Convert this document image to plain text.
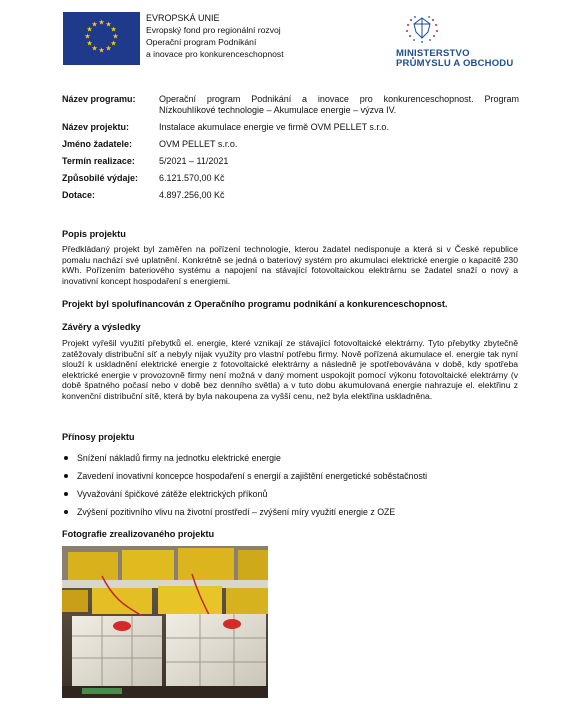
★ ★
★
★
★
★
★
★
★
★
★
★
EVROPSKÁ UNIE
Evropský fond pro regionální rozvoj
Operační program Podnikání
a inovace pro konkurenceschopnost	MINISTERSTVO
PRŮMYSLU A OBCHODU
Název programu:	Operační program Podnikání a inovace pro konkurenceschopnost. Program Nízkouhlíkové technologie – Akumulace energie – výzva IV.
Název projektu:	Instalace akumulace energie ve firmě OVM PELLET s.r.o.
Jméno žadatele:	OVM PELLET s.r.o.
Termín realizace:	5/2021 – 11/2021
Způsobilé výdaje:	6.121.570,00 Kč
Dotace:	4.897.256,00 Kč
Popis projektu
Předkládaný projekt byl zaměřen na pořízení technologie, kterou žadatel nedisponuje a která si v České republice pomalu nachází své uplatnění. Konkrétně se jedná o bateriový systém pro akumulaci elektrické energie o kapacitě 230 kWh. Pořízením bateriového systému a napojení na stávající fotovoltaickou elektrárnu se žadatel snaží o nový a inovativní koncept hospodaření s energiemi.
Projekt byl spolufinancován z Operačního programu podnikání a konkurenceschopnost.
Závěry a výsledky
Projekt vyřešil využití přebytků el. energie, které vznikají ze stávající fotovoltaické elektrárny. Tyto přebytky zbytečně zatěžovaly distribuční síť a nebyly nijak využity pro vlastní potřebu firmy. Nově pořízená akumulace el. energie tak nyní slouží k uskladnění elektrické energie z fotovoltaické elektrárny a následně je spotřebovávána v době, kdy spotřeba elektrické energie v provozovně firmy není možná v daný moment uspokojit pomocí výkonu fotovoltaické elektrárny (v době špatného počasí nebo v době bez denního světla) a v tuto dobu akumulovaná energie nahrazuje el. elektřinu z konvenční distribuční sítě, která by byla nakoupena za vyšší cenu, než byla elektřina uskladněna.
Přínosy projektu
Snížení nákladů firmy na jednotku elektrické energie
Zavedení inovativní koncepce hospodaření s energií a zajištění energetické soběstačnosti
Vyvažování špičkové zátěže elektrických příkonů
Zvýšení pozitivního vlivu na životní prostředí – zvýšení míry využití energie z OZE
Fotografie zrealizovaného projektu
